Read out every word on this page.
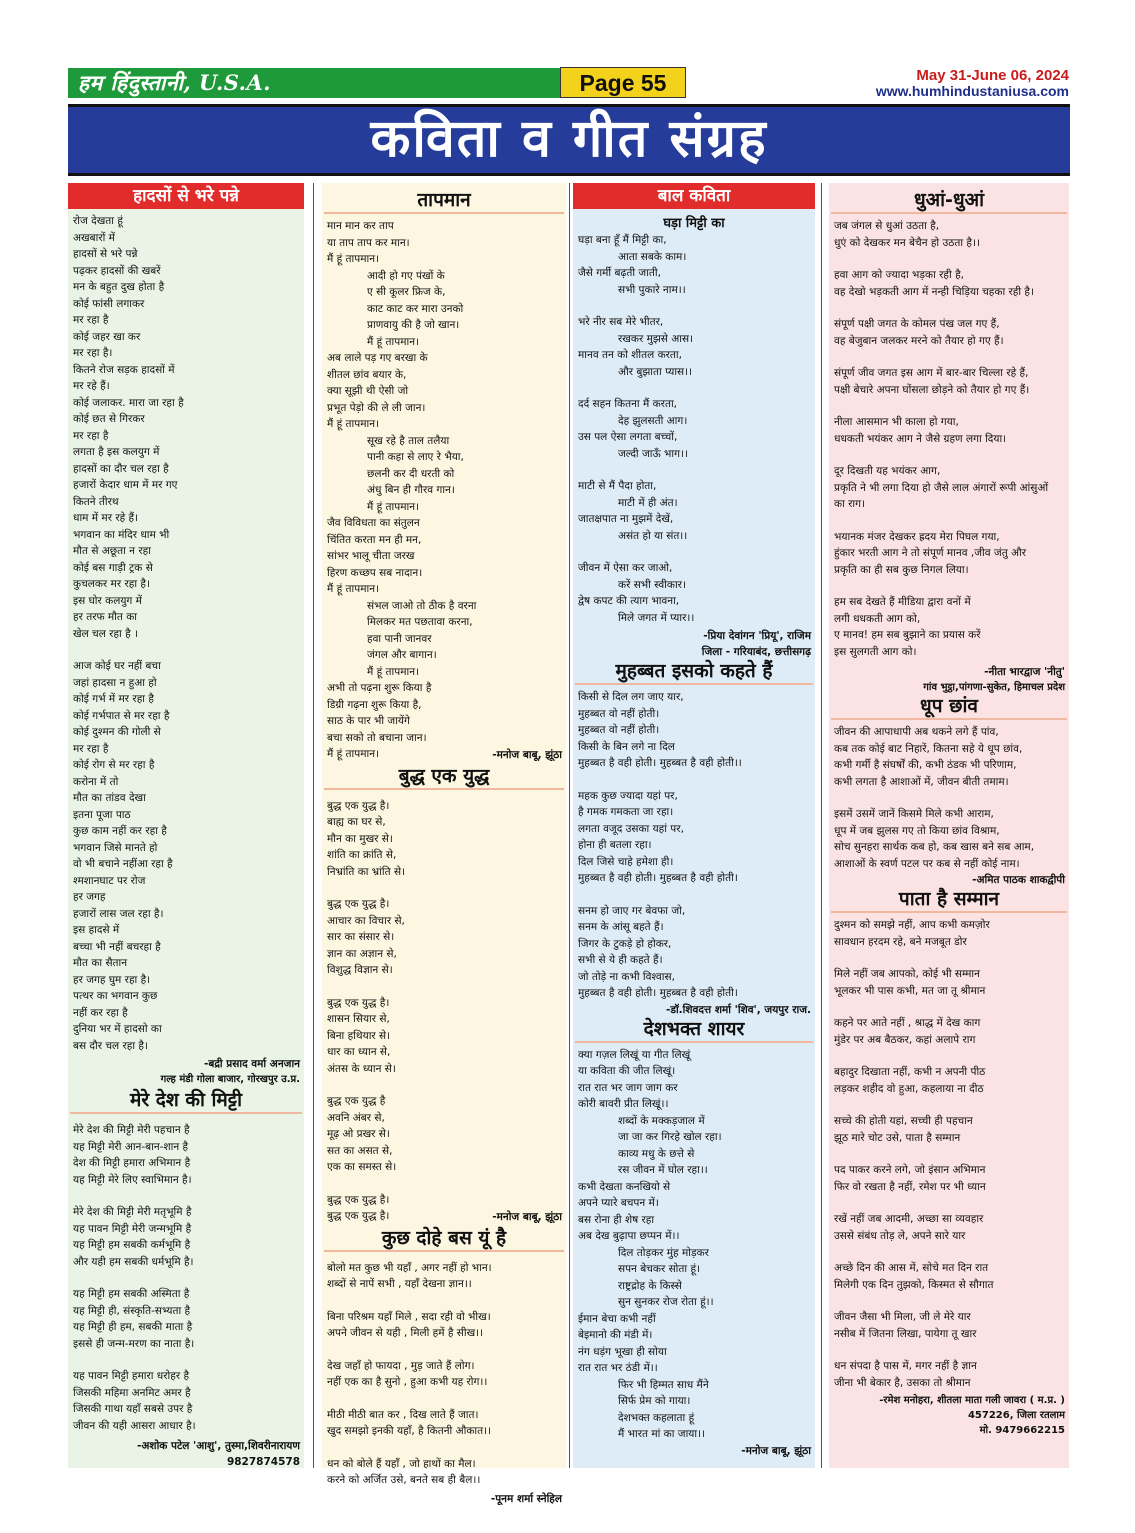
हम हिंदुस्तानी, U.S.A.	Page 55	May 31-June 06, 2024
www.humhindustaniusa.com
कविता व गीत संग्रह
हादसों से भरे पन्ने
रोज देखता हूं
अखबारों में
हादसों से भरे पन्ने
पढ़कर हादसों की खबरें
मन के बहुत दुख होता है
कोई फांसी लगाकर
मर रहा है
कोई जहर खा कर
मर रहा है।
कितने रोज सड़क हादसों में
मर रहे हैं।
कोई जलाकर. मारा जा रहा है
कोई छत से गिरकर
मर रहा है
लगता है इस कलयुग में
हादसों का दौर चल रहा है
हजारों केदार धाम में मर गए
कितने तीरथ
धाम में मर रहे हैं।
भगवान का मंदिर धाम भी
मौत से अछूता न रहा
कोई बस गाड़ी ट्रक से
कुचलकर मर रहा है।
इस घोर कलयुग में
हर तरफ मौत का
खेल चल रहा है ।
आज कोई घर नहीं बचा
जहां हादसा न हुआ हो
कोई गर्भ में मर रहा है
कोई गर्भपात से मर रहा है
कोई दुश्मन की गोली से
मर रहा है
कोई रोग से मर रहा है
करोना में तो
मौत का तांडव देखा
इतना पूजा पाठ
कुछ काम नहीं कर रहा है
भगवान जिसे मानते हो
वो भी बचाने नहींआ रहा है
श्मशानघाट पर रोज
हर जगह
हजारों लास जल रहा है।
इस हादसे में
बच्चा भी नहीं बचरहा है
मौत का सैतान
हर जगह घुम रहा है।
पत्थर का भगवान कुछ
नहीं कर रहा है
दुनिया भर में हादसो का
बस दौर चल रहा है।
-बद्री प्रसाद वर्मा अनजान
गल्ह मंडी गोला बाजार, गोरखपुर उ.प्र.
मेरे देश की मिट्टी
मेरे देश की मिट्टी मेरी पहचान है
यह मिट्टी मेरी आन-बान-शान है
देश की मिट्टी हमारा अभिमान है
यह मिट्टी मेरे लिए स्वाभिमान है।
मेरे देश की मिट्टी मेरी मतृभूमि है
यह पावन मिट्टी मेरी जन्मभूमि है
यह मिट्टी हम सबकी कर्मभूमि है
और यही हम सबकी धर्मभूमि है।
यह मिट्टी हम सबकी अस्मिता है
यह मिट्टी ही, संस्कृति-सभ्यता है
यह मिट्टी ही हम, सबकी माता है
इससे ही जन्म-मरण का नाता है।
यह पावन मिट्टी हमारा धरोहर है
जिसकी महिमा अनमिट अमर है
जिसकी गाथा यहाँ सबसे उपर है
जीवन की यही आसरा आधार है।
-अशोक पटेल 'आशु', तुस्मा,शिवरीनारायण
9827874578
तापमान
मान मान कर ताप
या ताप ताप कर मान।
मैं हूं तापमान।
आदी हो गए पंखों के
ए सी कूलर फ्रिज के,
काट काट कर मारा उनको
प्राणवायु की है जो खान।
मैं हूं तापमान।
अब लाले पड़ गए बरखा के
शीतल छांव बयार के,
क्या सूझी थी ऐसी जो
प्रभूत पेड़ो की ले ली जान।
मैं हूं तापमान।
सूख रहे है ताल तलैया
पानी कहा से लाए रे भैया,
छलनी कर दी धरती को
अंधु बिन ही गौरव गान।
मैं हूं तापमान।
जैव विविधता का संतुलन
चिंतित करता मन ही मन,
सांभर भालू चीता जरख
हिरण कच्छप सब नादान।
मैं हूं तापमान।
संभल जाओ तो ठीक है वरना
मिलकर मत पछतावा करना,
हवा पानी जानवर
जंगल और बागान।
मैं हूं तापमान।
अभी तो पढ़ना शुरू किया है
डिग्री गढ़ना शुरू किया है,
साठ के पार भी जायेंगे
बचा सको तो बचाना जान।
मैं हूं तापमान।	-मनोज बाबू, झूंठा
बुद्ध एक युद्ध
बुद्ध एक युद्ध है।
बाह्य का घर से,
मौन का मुखर से।
शांति का क्रांति से,
निभ्रांति का भ्रांति से।
बुद्ध एक युद्ध है।
आचार का विचार से,
सार का संसार से।
ज्ञान का अज्ञान से,
विशुद्ध विज्ञान से।
बुद्ध एक युद्ध है।
शासन सियार से,
बिना हथियार से।
धार का ध्यान से,
अंतस के ध्यान से।
बुद्ध एक युद्ध है
अवनि अंबर से,
मूढ़ ओ प्रखर से।
सत का असत से,
एक का समस्त से।
बुद्ध एक युद्ध है।
बुद्ध एक युद्ध है।	-मनोज बाबू, झूंठा
कुछ दोहे बस यूं है
बोलो मत कुछ भी यहाँ , अगर नहीं हो भान।
शब्दों से नापें सभी , यहाँ देखना ज्ञान।।
बिना परिश्रम यहाँ मिले , सदा रही वो भीख।
अपने जीवन से यही , मिली हमें है सीख।।
देख जहाँ हो फायदा , मुड़ जाते हैं लोग।
नहीं एक का है सुनो , हुआ कभी यह रोग।।
मीठी मीठी बात कर , दिख लाते हैं जात।
खुद समझो इनकी यहाँ, है कितनी औकात।।
धन को बोले हैं यहाँ , जो हाथों का मैल।
करने को अर्जित उसे, बनते सब ही बैल।।
-पूनम शर्मा स्नेहिल
बाल कविता
घड़ा मिट्टी का
घड़ा बना हूँ मैं मिट्टी का,
आता सबके काम।
जैसे गर्मी बढ़ती जाती,
सभी पुकारे नाम।।
भरे नीर सब मेरे भीतर,
रखकर मुझसे आस।
मानव तन को शीतल करता,
और बुझाता प्यास।।
दर्द सहन कितना मैं करता,
देह झुलसती आग।
उस पल ऐसा लगता बच्चों,
जल्दी जाऊँ भाग।।
माटी से मैं पैदा होता,
माटी में ही अंत।
जातक्षपात ना मुझमें देखें,
असंत हो या संत।।
जीवन में ऐसा कर जाओ,
करें सभी स्वीकार।
द्वेष कपट की त्याग भावना,
मिले जगत में प्यार।।
-प्रिया देवांगन 'प्रियू', राजिम
जिला - गरियाबंद, छत्तीसगढ़
मुहब्बत इसको कहते हैं
किसी से दिल लग जाए यार,
मुहब्बत वो नहीं होती।
मुहब्बत वो नहीं होती।
किसी के बिन लगे ना दिल
मुहब्बत है वही होती। मुहब्बत है वही होती।।
महक कुछ ज्यादा यहां पर,
है गमक गमकता जा रहा।
लगता वजूद उसका यहां पर,
होना ही बतला रहा।
दिल जिसे चाहे हमेशा ही।
मुहब्बत है वही होती। मुहब्बत है वही होती।
सनम हो जाए गर बेवफा जो,
सनम के आंसू बहते हैं।
जिगर के टुकड़े हो होकर,
सभी से ये ही कहते हैं।
जो तोड़े ना कभी विश्वास,
मुहब्बत है वही होती। मुहब्बत है वही होती।
-डॉ.शिवदत्त शर्मा 'शिव', जयपुर राज.
देशभक्त शायर
क्या गज़ल लिखूं या गीत लिखूं
या कविता की जीत लिखूं।
रात रात भर जाग जाग कर
कोरी बावरी प्रीत लिखूं।।
शब्दों के मक्कड़जाल में
जा जा कर गिरहे खोल रहा।
काव्य मधु के छत्ते से
रस जीवन में घोल रहा।।
कभी देखता कनखियो से
अपने प्यारे बचपन में।
बस रोना ही शेष रहा
अब देख बुढ़ापा छप्पन में।।
दिल तोड़कर मुंह मोड़कर
सपन बेचकर सोता हूं।
राष्ट्रद्रोह के किस्से
सुन सुनकर रोज रोता हूं।।
ईमान बेचा कभी नहीं
बेइमानो की मंडी में।
नंग धड़ंग भूखा ही सोया
रात रात भर ठंडी में।।
फिर भी हिम्मत साध मैंने
सिर्फ प्रेम को गाया।
देशभक्त कहलाता हूं
मैं भारत मां का जाया।।
-मनोज बाबू, झूंठा
धुआं-धुआं
जब जंगल से धुआं उठता है,
धुएं को देखकर मन बेचैन हो उठता है।।
हवा आग को ज्यादा भड़का रही है,
वह देखो भड़कती आग में नन्ही चिड़िया चहका रही है।
संपूर्ण पक्षी जगत के कोमल पंख जल गए हैं,
वह बेजुबान जलकर मरने को तैयार हो गए हैं।
संपूर्ण जीव जगत इस आग में बार-बार चिल्ला रहे हैं,
पक्षी बेचारे अपना घोंसला छोड़ने को तैयार हो गए हैं।
नीला आसमान भी काला हो गया,
धधकती भयंकर आग ने जैसे ग्रहण लगा दिया।
दूर दिखती यह भयंकर आग,
प्रकृति ने भी लगा दिया हो जैसे लाल अंगारों रूपी आंसुओं
का राग।
भयानक मंजर देखकर ह्रदय मेरा पिघल गया,
हुंकार भरती आग ने तो संपूर्ण मानव ,जीव जंतु और
प्रकृति का ही सब कुछ निगल लिया।
हम सब देखते हैं मीडिया द्वारा वनों में
लगी धधकती आग को,
ए मानव! हम सब बुझाने का प्रयास करें
इस सुलगती आग को।
-नीता भारद्वाज 'नीतु'
गांव भुट्ठा,पांगणा-सुकेत, हिमाचल प्रदेश
धूप छांव
जीवन की आपाधापी अब थकने लगे हैं पांव,
कब तक कोई बाट निहारें, कितना सहे ये धूप छांव,
कभी गर्मी है संघर्षों की, कभी ठंडक भी परिणाम,
कभी लगता है आशाओं में, जीवन बीती तमाम।
इसमें उसमें जानें किसमे मिले कभी आराम,
धूप में जब झुलस गए तो किया छांव विश्राम,
सोच सुनहरा सार्थक कब हो, कब खास बने सब आम,
आशाओं के स्वर्ण पटल पर कब से नहीं कोई नाम।
-अमित पाठक शाकद्वीपी
पाता है सम्मान
दुश्मन को समझे नहीं, आप कभी कमज़ोर
सावधान हरदम रहे, बने मजबूत डोर
मिले नहीं जब आपको, कोई भी सम्मान
भूलकर भी पास कभी, मत जा तू श्रीमान
कहने पर आते नहीं , श्राद्ध में देख काग
मुंडेर पर अब बैठकर, कहां अलापे राग
बहादुर दिखाता नहीं, कभी न अपनी पीठ
लड़कर शहीद वो हुआ, कहलाया ना दीठ
सच्चे की होती यहां, सच्ची ही पहचान
झूठ मारे चोट उसे, पाता है सम्मान
पद पाकर करने लगे, जो इंसान अभिमान
फिर वो रखता है नहीं, रमेश पर भी ध्यान
रखें नहीं जब आदमी, अच्छा सा व्यवहार
उससे संबंध तोड़ ले, अपने सारे यार
अच्छे दिन की आस में, सोचे मत दिन रात
मिलेगी एक दिन तुझको, किस्मत से सौगात
जीवन जैसा भी मिला, जी ले मेरे यार
नसीब में जितना लिखा, पायेगा तू खार
धन संपदा है पास में, मगर नहीं है ज्ञान
जीना भी बेकार है, उसका तो श्रीमान
-रमेश मनोहरा, शीतला माता गली जावरा ( म.प्र. )
457226, जिला रतलाम
मो. 9479662215
